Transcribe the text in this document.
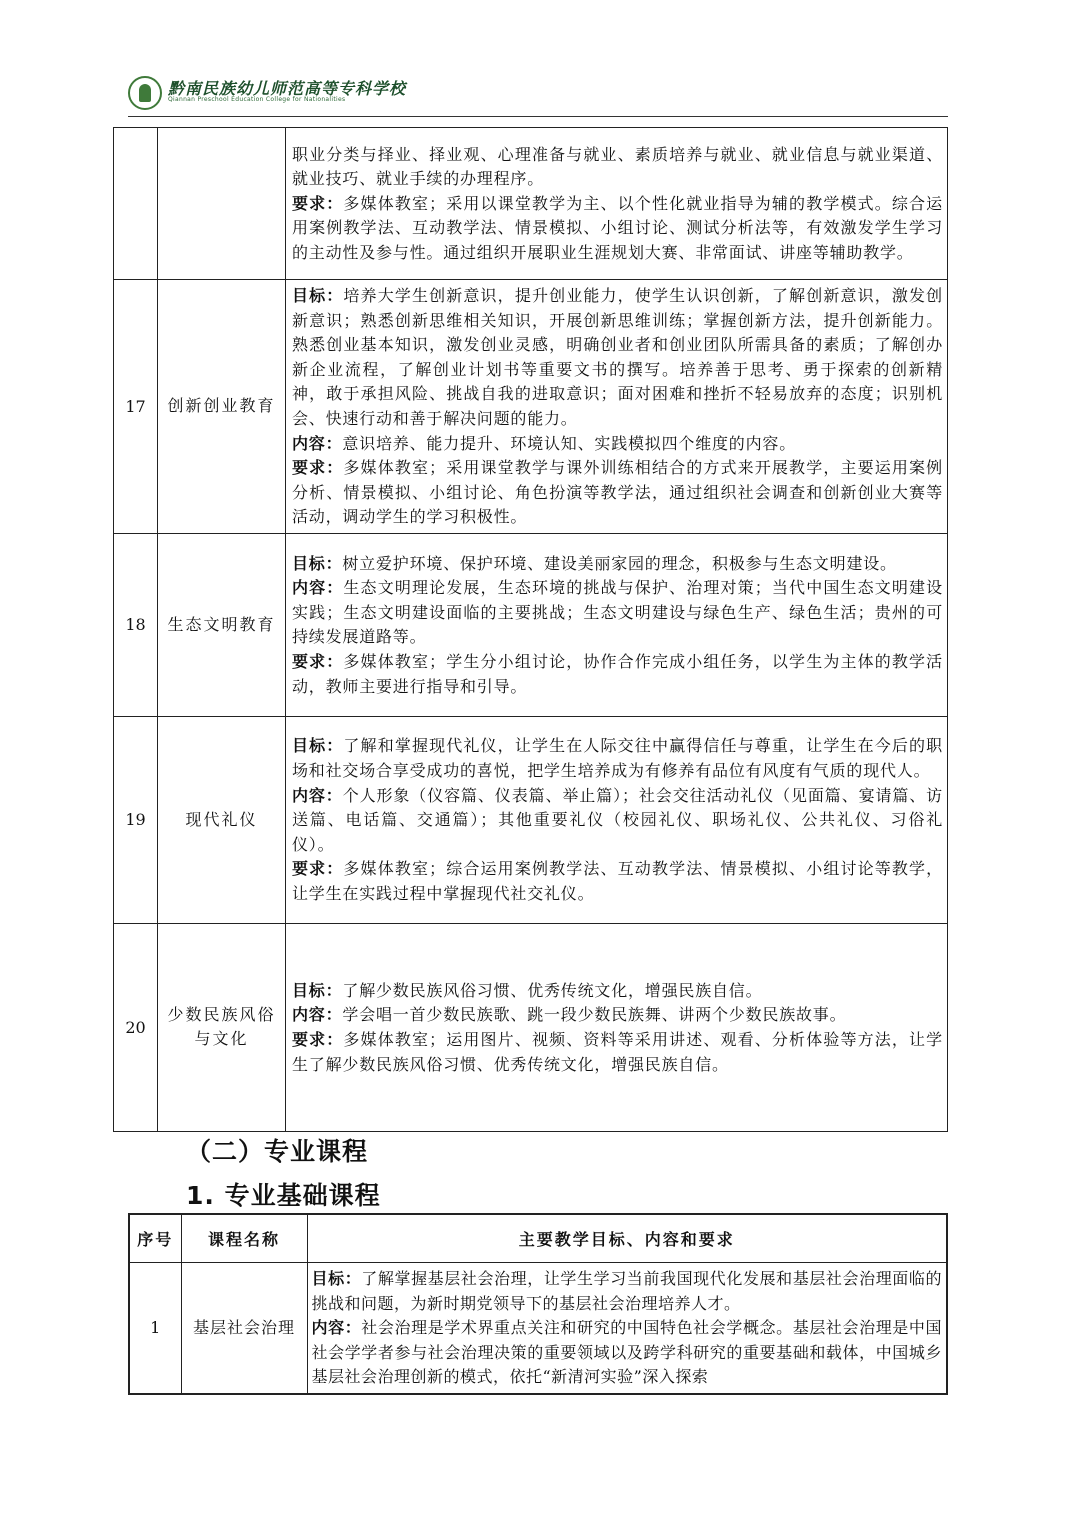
黔南民族幼儿师范高等专科学校
Qiannan Preschool Education College for Nationalities

		职业分类与择业、择业观、心理准备与就业、素质培养与就业、就业信息与就业渠道、就业技巧、就业手续的办理程序。

要求：多媒体教室；采用以课堂教学为主、以个性化就业指导为辅的教学模式。综合运用案例教学法、互动教学法、情景模拟、小组讨论、测试分析法等，有效激发学生学习的主动性及参与性。通过组织开展职业生涯规划大赛、非常面试、讲座等辅助教学。

17	创新创业教育	目标：培养大学生创新意识，提升创业能力，使学生认识创新，了解创新意识，激发创新意识；熟悉创新思维相关知识，开展创新思维训练；掌握创新方法，提升创新能力。熟悉创业基本知识，激发创业灵感，明确创业者和创业团队所需具备的素质；了解创办新企业流程，了解创业计划书等重要文书的撰写。培养善于思考、勇于探索的创新精神，敢于承担风险、挑战自我的进取意识；面对困难和挫折不轻易放弃的态度；识别机会、快速行动和善于解决问题的能力。

内容：意识培养、能力提升、环境认知、实践模拟四个维度的内容。

要求：多媒体教室；采用课堂教学与课外训练相结合的方式来开展教学，主要运用案例分析、情景模拟、小组讨论、角色扮演等教学法，通过组织社会调查和创新创业大赛等活动，调动学生的学习积极性。

18	生态文明教育	目标：树立爱护环境、保护环境、建设美丽家园的理念，积极参与生态文明建设。

内容：生态文明理论发展，生态环境的挑战与保护、治理对策；当代中国生态文明建设实践；生态文明建设面临的主要挑战；生态文明建设与绿色生产、绿色生活；贵州的可持续发展道路等。

要求：多媒体教室；学生分小组讨论，协作合作完成小组任务，以学生为主体的教学活动，教师主要进行指导和引导。

19	现代礼仪	目标：了解和掌握现代礼仪，让学生在人际交往中赢得信任与尊重，让学生在今后的职场和社交场合享受成功的喜悦，把学生培养成为有修养有品位有风度有气质的现代人。

内容：个人形象（仪容篇、仪表篇、举止篇）；社会交往活动礼仪（见面篇、宴请篇、访送篇、电话篇、交通篇）；其他重要礼仪（校园礼仪、职场礼仪、公共礼仪、习俗礼仪）。

要求：多媒体教室；综合运用案例教学法、互动教学法、情景模拟、小组讨论等教学，让学生在实践过程中掌握现代社交礼仪。

20	少数民族风俗与文化	目标：了解少数民族风俗习惯、优秀传统文化，增强民族自信。

内容：学会唱一首少数民族歌、跳一段少数民族舞、讲两个少数民族故事。

要求：多媒体教室；运用图片、视频、资料等采用讲述、观看、分析体验等方法，让学生了解少数民族风俗习惯、优秀传统文化，增强民族自信。

（二）专业课程
1. 专业基础课程
序号	课程名称	主要教学目标、内容和要求
1	基层社会治理	目标：了解掌握基层社会治理，让学生学习当前我国现代化发展和基层社会治理面临的挑战和问题，为新时期党领导下的基层社会治理培养人才。

内容：社会治理是学术界重点关注和研究的中国特色社会学概念。基层社会治理是中国社会学学者参与社会治理决策的重要领域以及跨学科研究的重要基础和载体，中国城乡基层社会治理创新的模式，依托“新清河实验”深入探索
